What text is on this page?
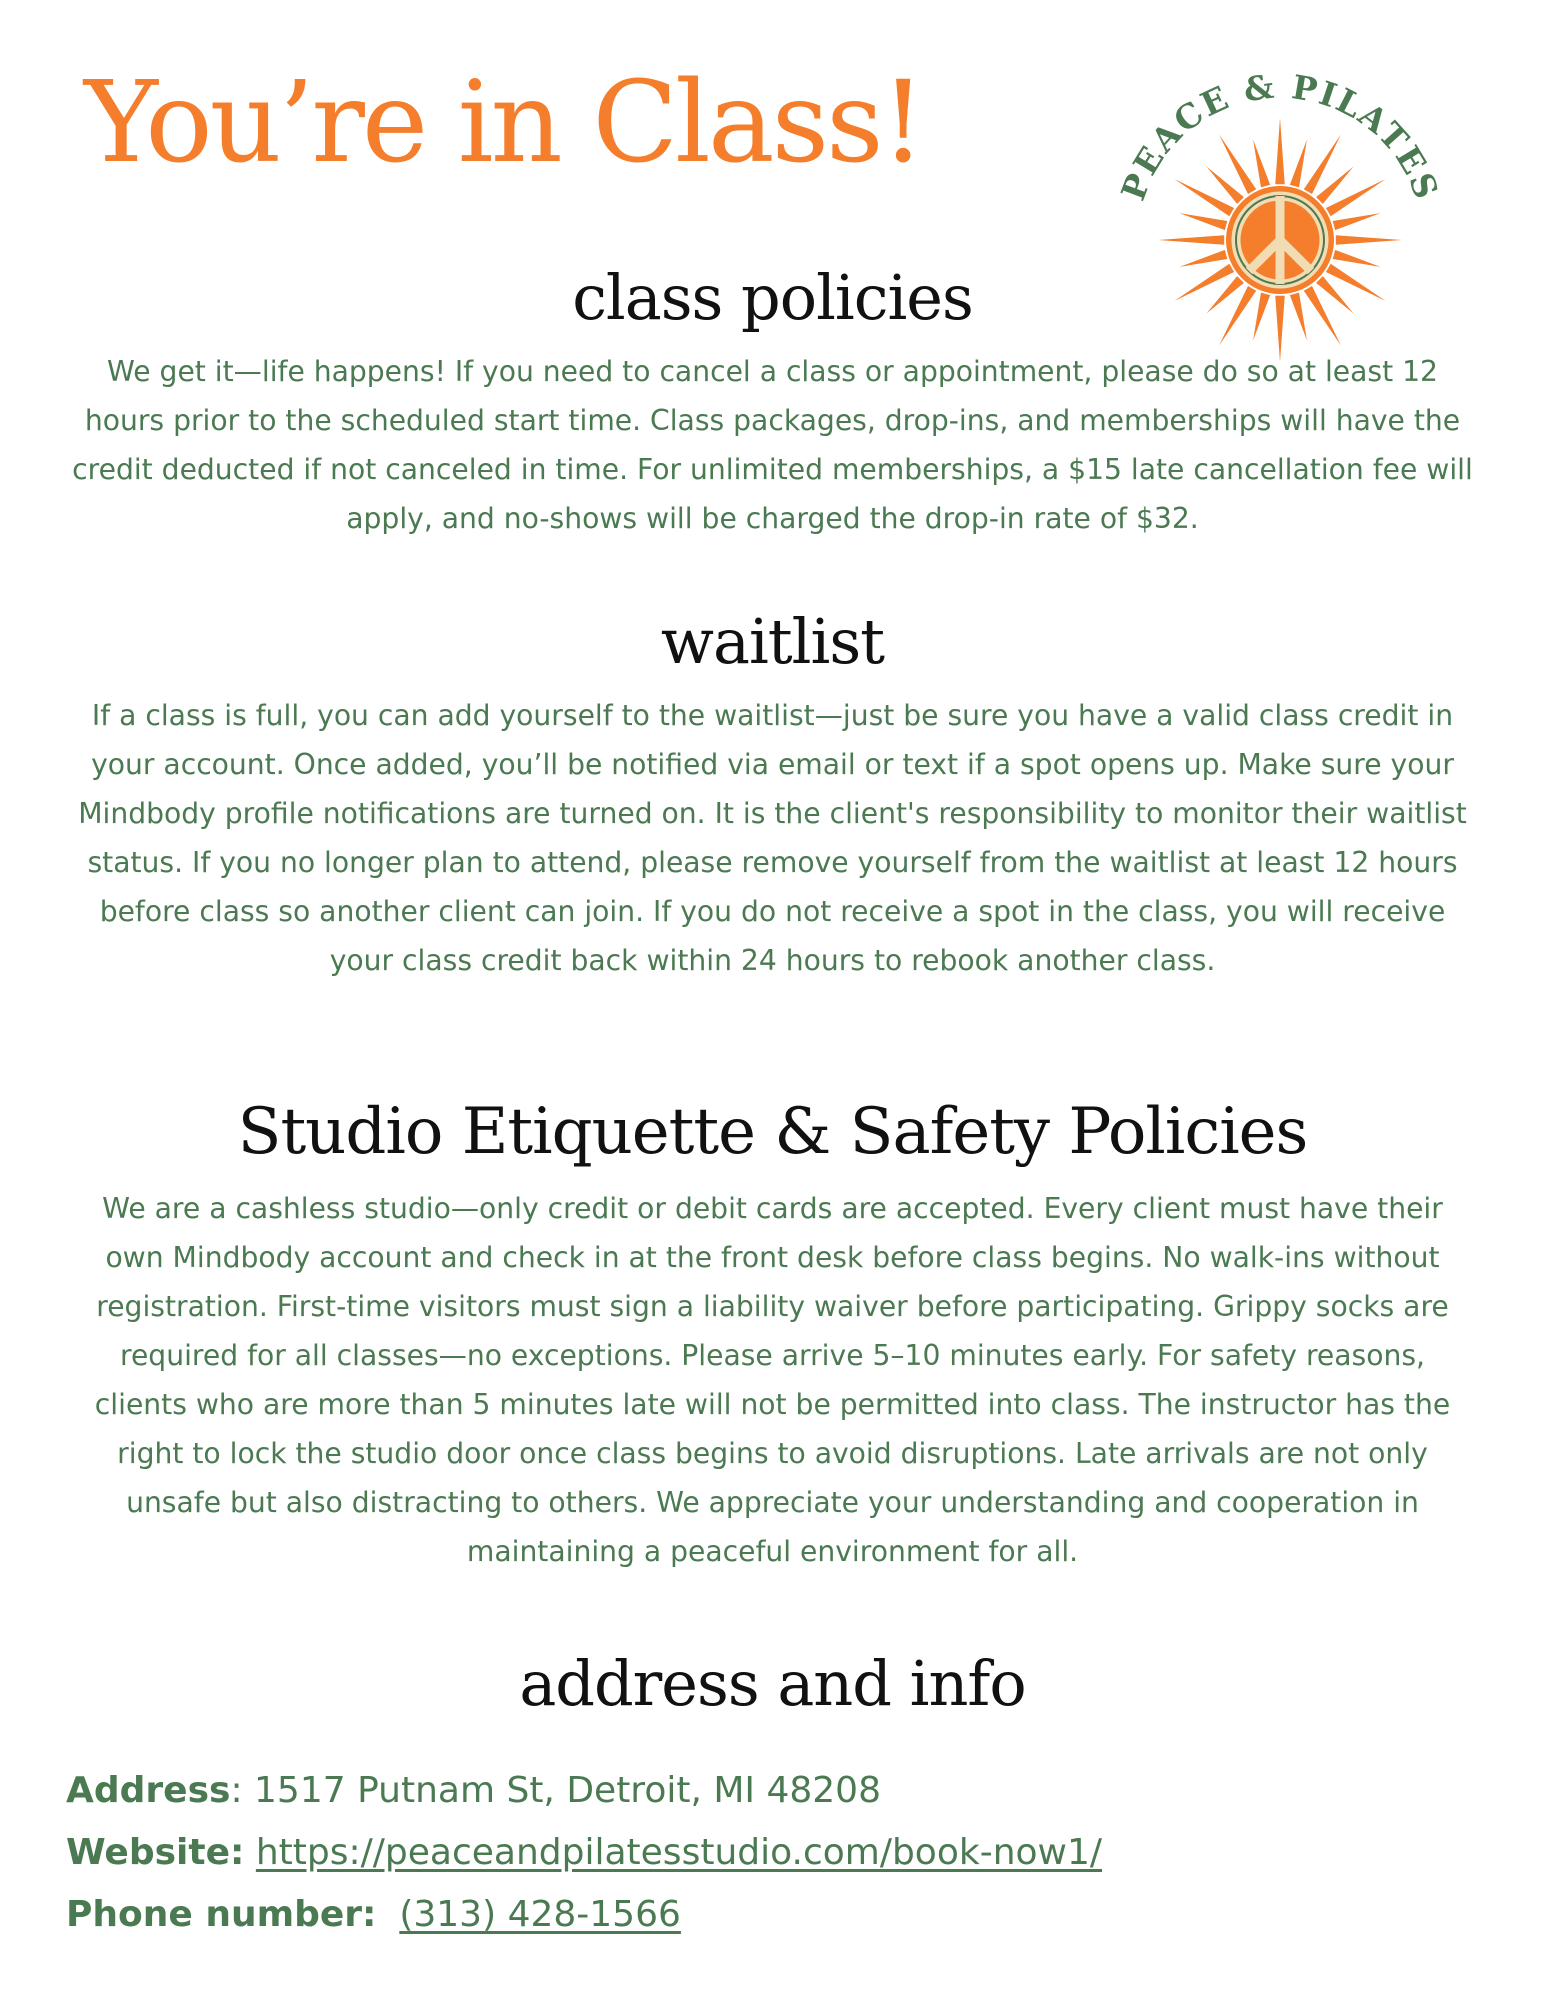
You’re in Class!	PEACE & PILATES
class policies

We get it—life happens! If you need to cancel a class or appointment, please do so at least 12 hours prior to the scheduled start time. Class packages, drop-ins, and memberships will have the credit deducted if not canceled in time. For unlimited memberships, a $15 late cancellation fee will apply, and no-shows will be charged the drop-in rate of $32.

waitlist

If a class is full, you can add yourself to the waitlist—just be sure you have a valid class credit in your account. Once added, you’ll be notified via email or text if a spot opens up. Make sure your Mindbody profile notifications are turned on. It is the client's responsibility to monitor their waitlist status. If you no longer plan to attend, please remove yourself from the waitlist at least 12 hours before class so another client can join. If you do not receive a spot in the class, you will receive your class credit back within 24 hours to rebook another class.

Studio Etiquette & Safety Policies

We are a cashless studio—only credit or debit cards are accepted. Every client must have their own Mindbody account and check in at the front desk before class begins. No walk-ins without registration. First-time visitors must sign a liability waiver before participating. Grippy socks are required for all classes—no exceptions. Please arrive 5–10 minutes early. For safety reasons, clients who are more than 5 minutes late will not be permitted into class. The instructor has the right to lock the studio door once class begins to avoid disruptions. Late arrivals are not only unsafe but also distracting to others. We appreciate your understanding and cooperation in maintaining a peaceful environment for all.

address and info
Address: 1517 Putnam St, Detroit, MI 48208
Website: https://peaceandpilatesstudio.com/book-now1/
Phone number: (313) 428-1566
